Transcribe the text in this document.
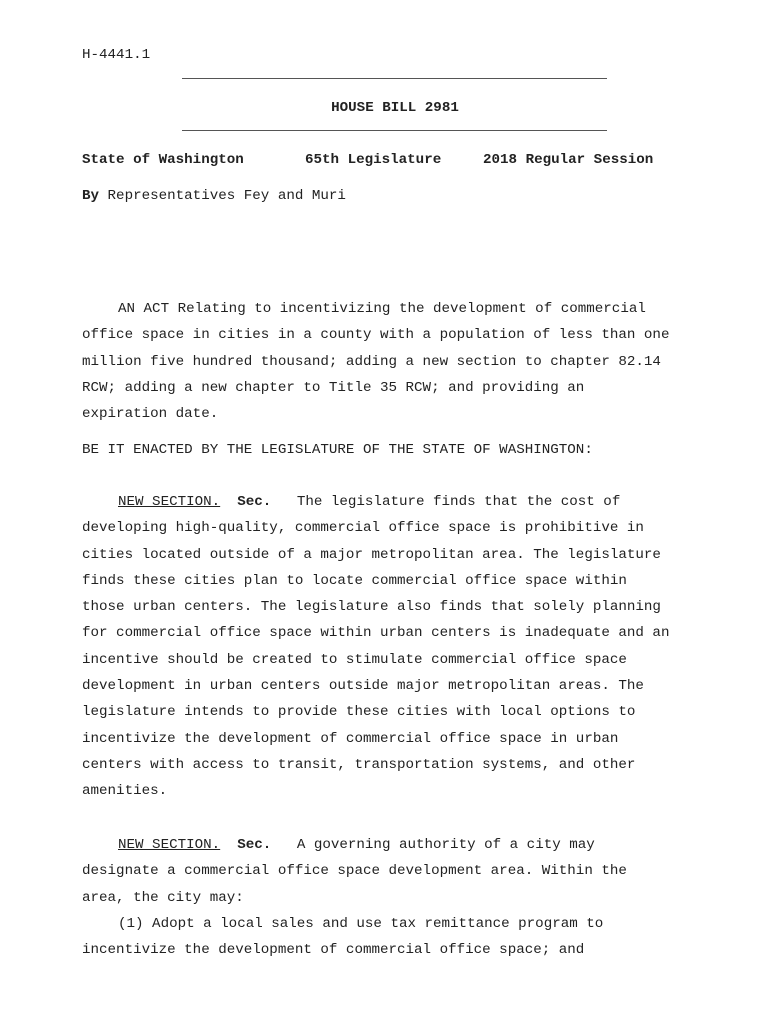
H-4441.1
HOUSE BILL 2981
State of Washington	65th Legislature	2018 Regular Session
By Representatives Fey and Muri
AN ACT Relating to incentivizing the development of commercial
office space in cities in a county with a population of less than one
million five hundred thousand; adding a new section to chapter 82.14
RCW; adding a new chapter to Title 35 RCW; and providing an
expiration date.
BE IT ENACTED BY THE LEGISLATURE OF THE STATE OF WASHINGTON:
NEW SECTION. Sec. The legislature finds that the cost of
developing high-quality, commercial office space is prohibitive in
cities located outside of a major metropolitan area. The legislature
finds these cities plan to locate commercial office space within
those urban centers. The legislature also finds that solely planning
for commercial office space within urban centers is inadequate and an
incentive should be created to stimulate commercial office space
development in urban centers outside major metropolitan areas. The
legislature intends to provide these cities with local options to
incentivize the development of commercial office space in urban
centers with access to transit, transportation systems, and other
amenities.
NEW SECTION. Sec. A governing authority of a city may
designate a commercial office space development area. Within the
area, the city may:
(1) Adopt a local sales and use tax remittance program to
incentivize the development of commercial office space; and
